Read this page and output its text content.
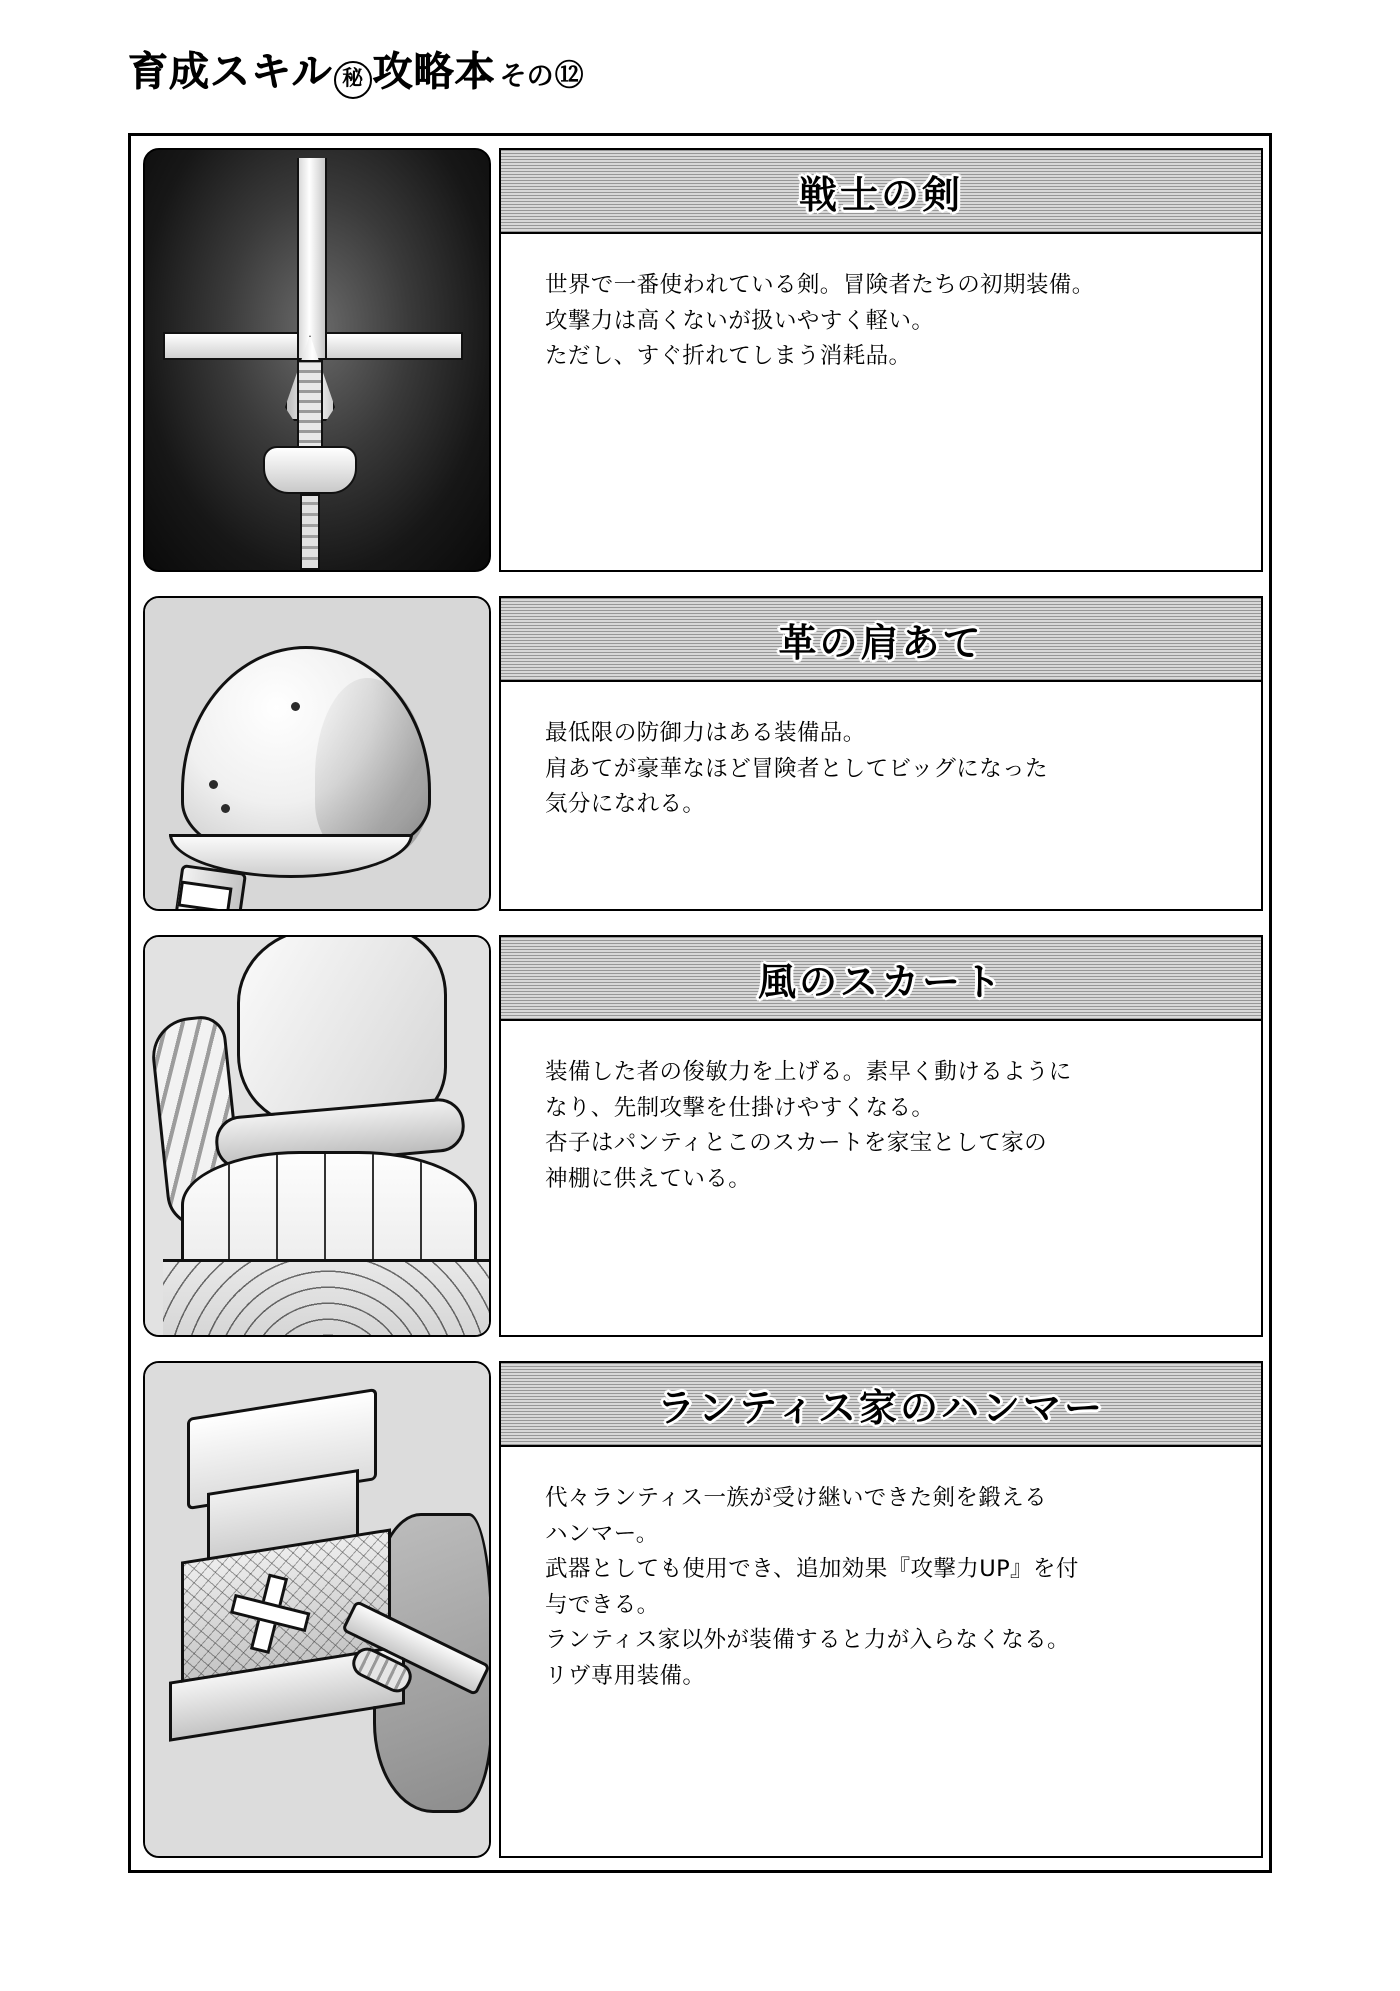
育成スキル 秘 攻略本 その ⑫
戦士の剣
世界で一番使われている剣。冒険者たちの初期装備。
攻撃力は高くないが扱いやすく軽い。
ただし、すぐ折れてしまう消耗品。
革の肩あて
最低限の防御力はある装備品。
肩あてが豪華なほど冒険者としてビッグになった
気分になれる。
風のスカート
装備した者の俊敏力を上げる。素早く動けるように
なり、先制攻撃を仕掛けやすくなる。
杏子はパンティとこのスカートを家宝として家の
神棚に供えている。
ランティス家のハンマー
代々ランティス一族が受け継いできた剣を鍛える
ハンマー。
武器としても使用でき、追加効果『攻撃力UP』を付
与できる。
ランティス家以外が装備すると力が入らなくなる。
リヴ専用装備。
